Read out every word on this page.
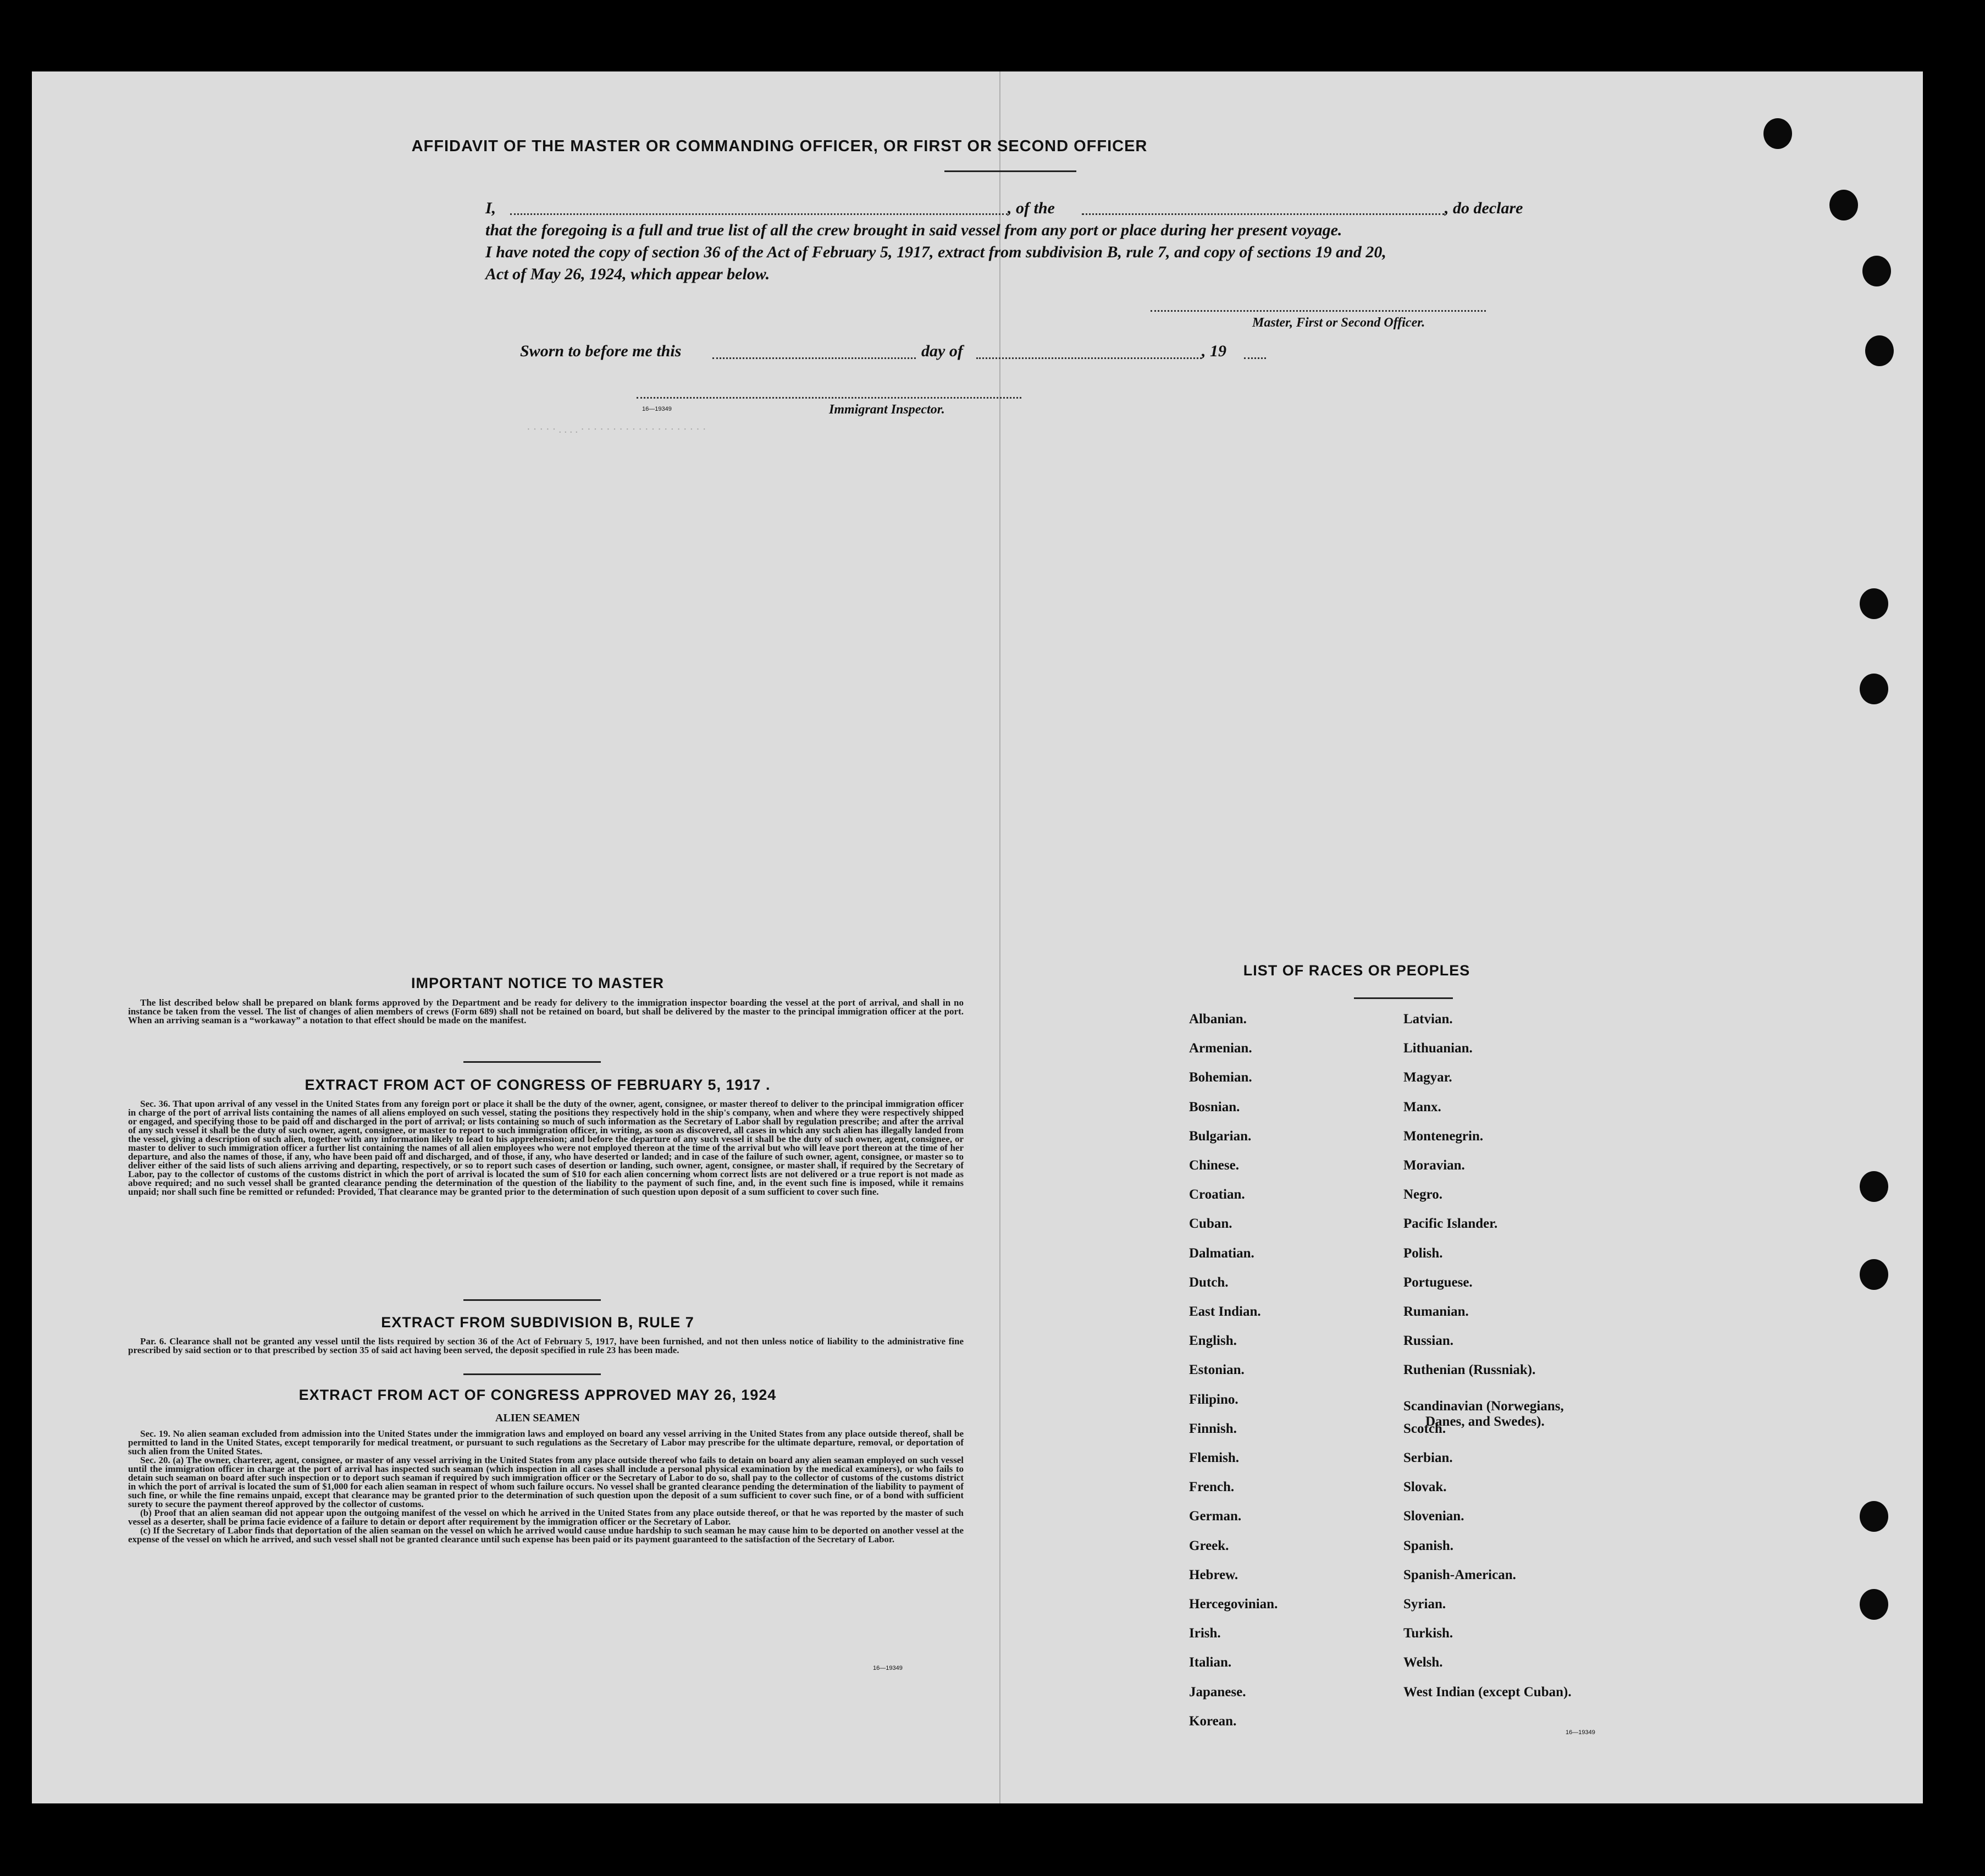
AFFIDAVIT OF THE MASTER OR COMMANDING OFFICER, OR FIRST OR SECOND OFFICER
I,	, of the	, do declare
that the foregoing is a full and true list of all the crew brought in said vessel from any port or place during her present voyage.
I have noted the copy of section 36 of the Act of February 5, 1917, extract from subdivision B, rule 7, and copy of sections 19 and 20,
Act of May 26, 1924, which appear below.
Master, First or Second Officer.
Sworn to before me this	day of	, 19
16—19349	Immigrant Inspector.
· · · · · . . . . · · · · · · · · · · · · · · · · · · · ·
IMPORTANT NOTICE TO MASTER

The list described below shall be prepared on blank forms approved by the Department and be ready for delivery to the immigration inspector boarding the vessel at the port of arrival, and shall in no instance be taken from the vessel. The list of changes of alien members of crews (Form 689) shall not be retained on board, but shall be delivered by the master to the principal immigration officer at the port. When an arriving seaman is a “workaway” a notation to that effect should be made on the manifest.

EXTRACT FROM ACT OF CONGRESS OF FEBRUARY 5, 1917 .

Sec. 36. That upon arrival of any vessel in the United States from any foreign port or place it shall be the duty of the owner, agent, consignee, or master thereof to deliver to the principal immigration officer in charge of the port of arrival lists containing the names of all aliens employed on such vessel, stating the positions they respectively hold in the ship's company, when and where they were respectively shipped or engaged, and specifying those to be paid off and discharged in the port of arrival; or lists containing so much of such information as the Secretary of Labor shall by regulation prescribe; and after the arrival of any such vessel it shall be the duty of such owner, agent, consignee, or master to report to such immigration officer, in writing, as soon as discovered, all cases in which any such alien has illegally landed from the vessel, giving a description of such alien, together with any information likely to lead to his apprehension; and before the departure of any such vessel it shall be the duty of such owner, agent, consignee, or master to deliver to such immigration officer a further list containing the names of all alien employees who were not employed thereon at the time of the arrival but who will leave port thereon at the time of her departure, and also the names of those, if any, who have been paid off and discharged, and of those, if any, who have deserted or landed; and in case of the failure of such owner, agent, consignee, or master so to deliver either of the said lists of such aliens arriving and departing, respectively, or so to report such cases of desertion or landing, such owner, agent, consignee, or master shall, if required by the Secretary of Labor, pay to the collector of customs of the customs district in which the port of arrival is located the sum of $10 for each alien concerning whom correct lists are not delivered or a true report is not made as above required; and no such vessel shall be granted clearance pending the determination of the question of the liability to the payment of such fine, and, in the event such fine is imposed, while it remains unpaid; nor shall such fine be remitted or refunded: Provided, That clearance may be granted prior to the determination of such question upon deposit of a sum sufficient to cover such fine.

EXTRACT FROM SUBDIVISION B, RULE 7

Par. 6. Clearance shall not be granted any vessel until the lists required by section 36 of the Act of February 5, 1917, have been furnished, and not then unless notice of liability to the administrative fine prescribed by said section or to that prescribed by section 35 of said act having been served, the deposit specified in rule 23 has been made.

EXTRACT FROM ACT OF CONGRESS APPROVED MAY 26, 1924
ALIEN SEAMEN

Sec. 19. No alien seaman excluded from admission into the United States under the immigration laws and employed on board any vessel arriving in the United States from any place outside thereof, shall be permitted to land in the United States, except temporarily for medical treatment, or pursuant to such regulations as the Secretary of Labor may prescribe for the ultimate departure, removal, or deportation of such alien from the United States.

Sec. 20. (a) The owner, charterer, agent, consignee, or master of any vessel arriving in the United States from any place outside thereof who fails to detain on board any alien seaman employed on such vessel until the immigration officer in charge at the port of arrival has inspected such seaman (which inspection in all cases shall include a personal physical examination by the medical examiners), or who fails to detain such seaman on board after such inspection or to deport such seaman if required by such immigration officer or the Secretary of Labor to do so, shall pay to the collector of customs of the customs district in which the port of arrival is located the sum of $1,000 for each alien seaman in respect of whom such failure occurs. No vessel shall be granted clearance pending the determination of the liability to payment of such fine, or while the fine remains unpaid, except that clearance may be granted prior to the determination of such question upon the deposit of a sum sufficient to cover such fine, or of a bond with sufficient surety to secure the payment thereof approved by the collector of customs.

(b) Proof that an alien seaman did not appear upon the outgoing manifest of the vessel on which he arrived in the United States from any place outside thereof, or that he was reported by the master of such vessel as a deserter, shall be prima facie evidence of a failure to detain or deport after requirement by the immigration officer or the Secretary of Labor.

(c) If the Secretary of Labor finds that deportation of the alien seaman on the vessel on which he arrived would cause undue hardship to such seaman he may cause him to be deported on another vessel at the expense of the vessel on which he arrived, and such vessel shall not be granted clearance until such expense has been paid or its payment guaranteed to the satisfaction of the Secretary of Labor.

16—19349
LIST OF RACES OR PEOPLES
16—19349
Albanian.
Armenian.
Bohemian.
Bosnian.
Bulgarian.
Chinese.
Croatian.
Cuban.
Dalmatian.
Dutch.
East Indian.
English.
Estonian.
Filipino.
Finnish.
Flemish.
French.
German.
Greek.
Hebrew.
Hercegovinian.
Irish.
Italian.
Japanese.
Korean.
Latvian.
Lithuanian.
Magyar.
Manx.
Montenegrin.
Moravian.
Negro.
Pacific Islander.
Polish.
Portuguese.
Rumanian.
Russian.
Ruthenian (Russniak).
Scandinavian (Norwegians,
Danes, and Swedes).
Scotch.
Serbian.
Slovak.
Slovenian.
Spanish.
Spanish-American.
Syrian.
Turkish.
Welsh.
West Indian (except Cuban).
